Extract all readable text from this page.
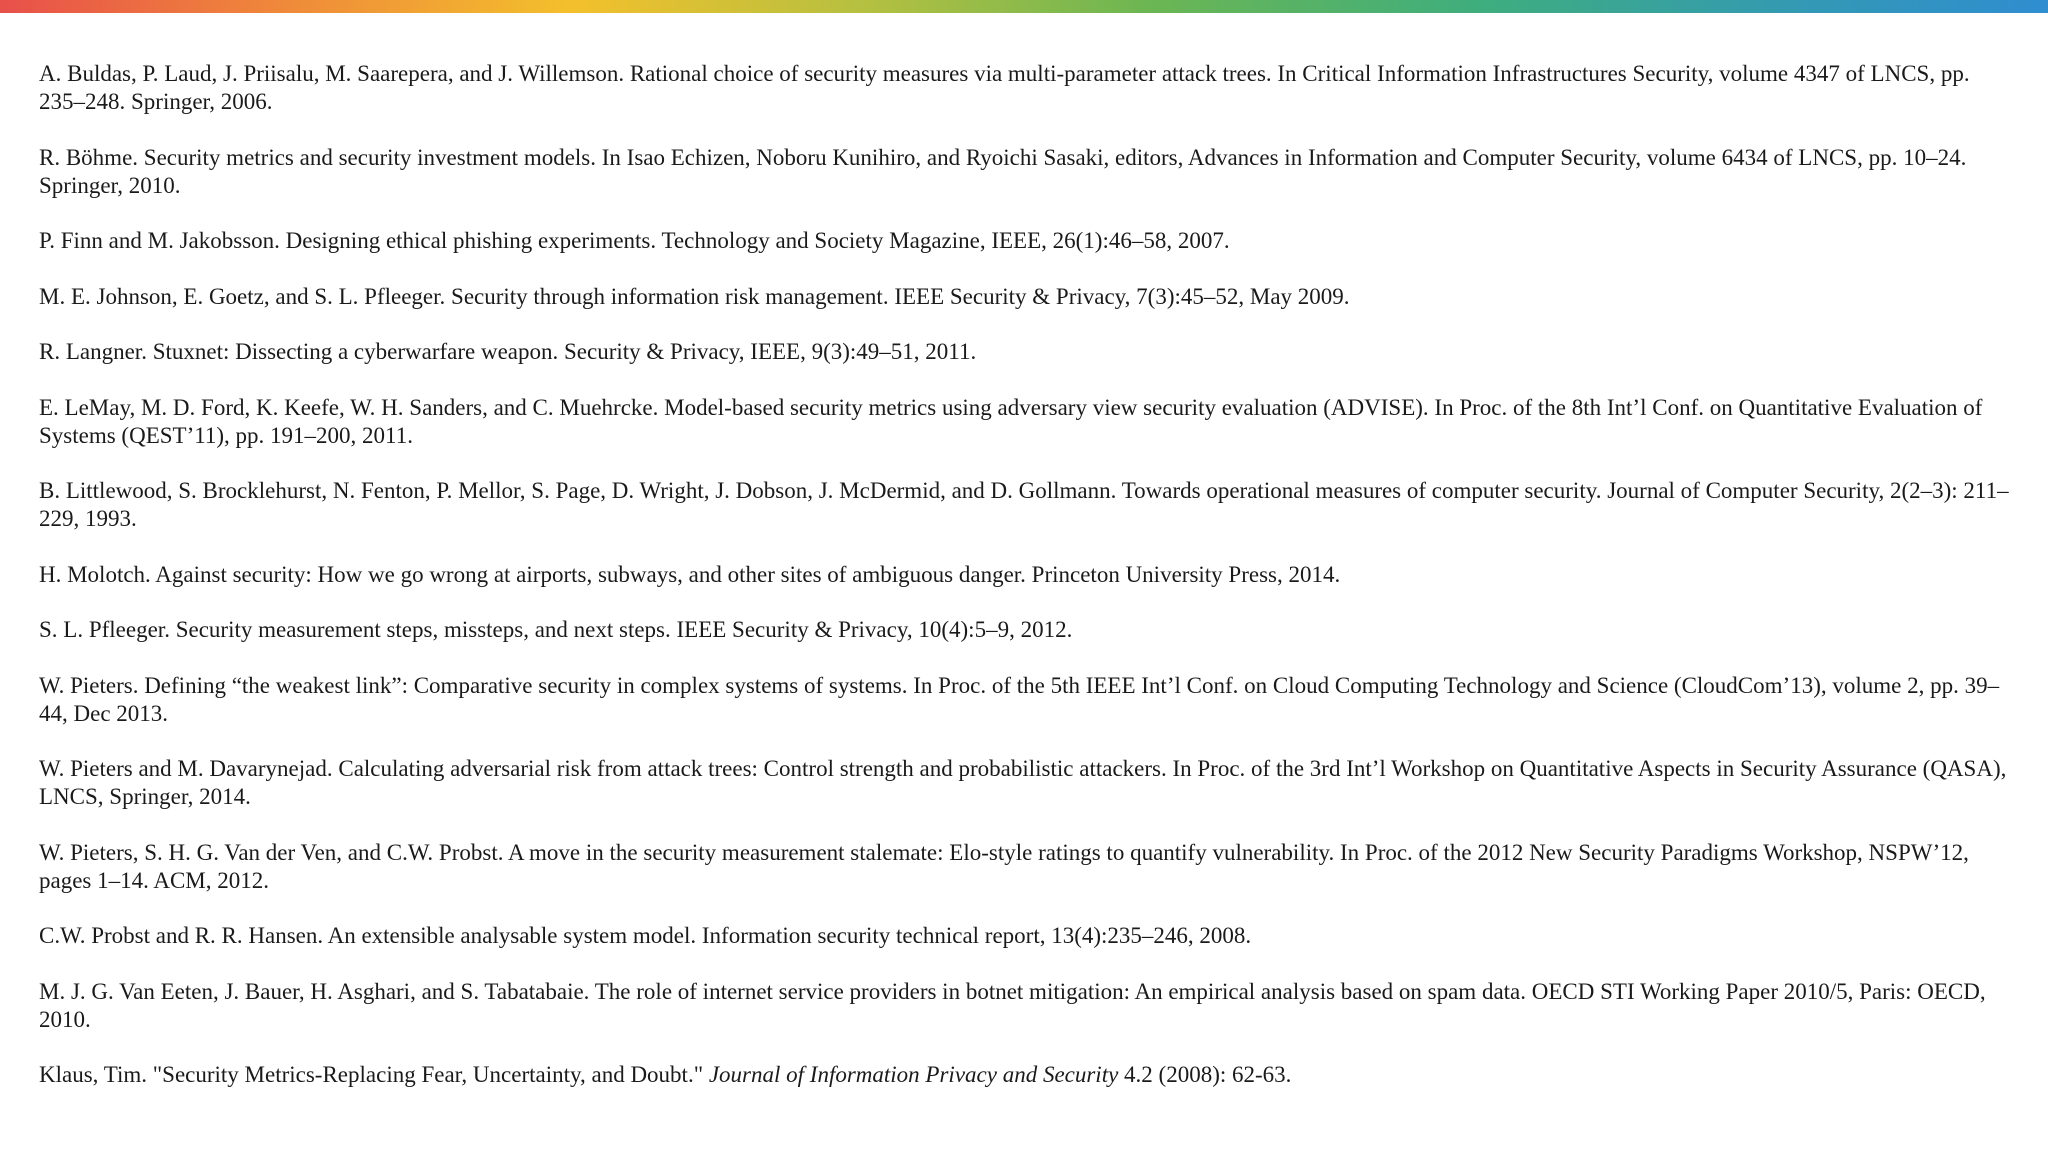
A. Buldas, P. Laud, J. Priisalu, M. Saarepera, and J. Willemson. Rational choice of security measures via multi-parameter attack trees. In Critical Information Infrastructures Security, volume 4347 of LNCS, pp. 235–248. Springer, 2006.
R. Böhme. Security metrics and security investment models. In Isao Echizen, Noboru Kunihiro, and Ryoichi Sasaki, editors, Advances in Information and Computer Security, volume 6434 of LNCS, pp. 10–24. Springer, 2010.
P. Finn and M. Jakobsson. Designing ethical phishing experiments. Technology and Society Magazine, IEEE, 26(1):46–58, 2007.
M. E. Johnson, E. Goetz, and S. L. Pfleeger. Security through information risk management. IEEE Security & Privacy, 7(3):45–52, May 2009.
R. Langner. Stuxnet: Dissecting a cyberwarfare weapon. Security & Privacy, IEEE, 9(3):49–51, 2011.
E. LeMay, M. D. Ford, K. Keefe, W. H. Sanders, and C. Muehrcke. Model-based security metrics using adversary view security evaluation (ADVISE). In Proc. of the 8th Int’l Conf. on Quantitative Evaluation of Systems (QEST’11), pp. 191–200, 2011.
B. Littlewood, S. Brocklehurst, N. Fenton, P. Mellor, S. Page, D. Wright, J. Dobson, J. McDermid, and D. Gollmann. Towards operational measures of computer security. Journal of Computer Security, 2(2–3): 211–229, 1993.
H. Molotch. Against security: How we go wrong at airports, subways, and other sites of ambiguous danger. Princeton University Press, 2014.
S. L. Pfleeger. Security measurement steps, missteps, and next steps. IEEE Security & Privacy, 10(4):5–9, 2012.
W. Pieters. Defining “the weakest link”: Comparative security in complex systems of systems. In Proc. of the 5th IEEE Int’l Conf. on Cloud Computing Technology and Science (CloudCom’13), volume 2, pp. 39–44, Dec 2013.
W. Pieters and M. Davarynejad. Calculating adversarial risk from attack trees: Control strength and probabilistic attackers. In Proc. of the 3rd Int’l Workshop on Quantitative Aspects in Security Assurance (QASA), LNCS, Springer, 2014.
W. Pieters, S. H. G. Van der Ven, and C.W. Probst. A move in the security measurement stalemate: Elo-style ratings to quantify vulnerability. In Proc. of the 2012 New Security Paradigms Workshop, NSPW’12, pages 1–14. ACM, 2012.
C.W. Probst and R. R. Hansen. An extensible analysable system model. Information security technical report, 13(4):235–246, 2008.
M. J. G. Van Eeten, J. Bauer, H. Asghari, and S. Tabatabaie. The role of internet service providers in botnet mitigation: An empirical analysis based on spam data. OECD STI Working Paper 2010/5, Paris: OECD, 2010.
Klaus, Tim. "Security Metrics-Replacing Fear, Uncertainty, and Doubt." Journal of Information Privacy and Security 4.2 (2008): 62-63.
